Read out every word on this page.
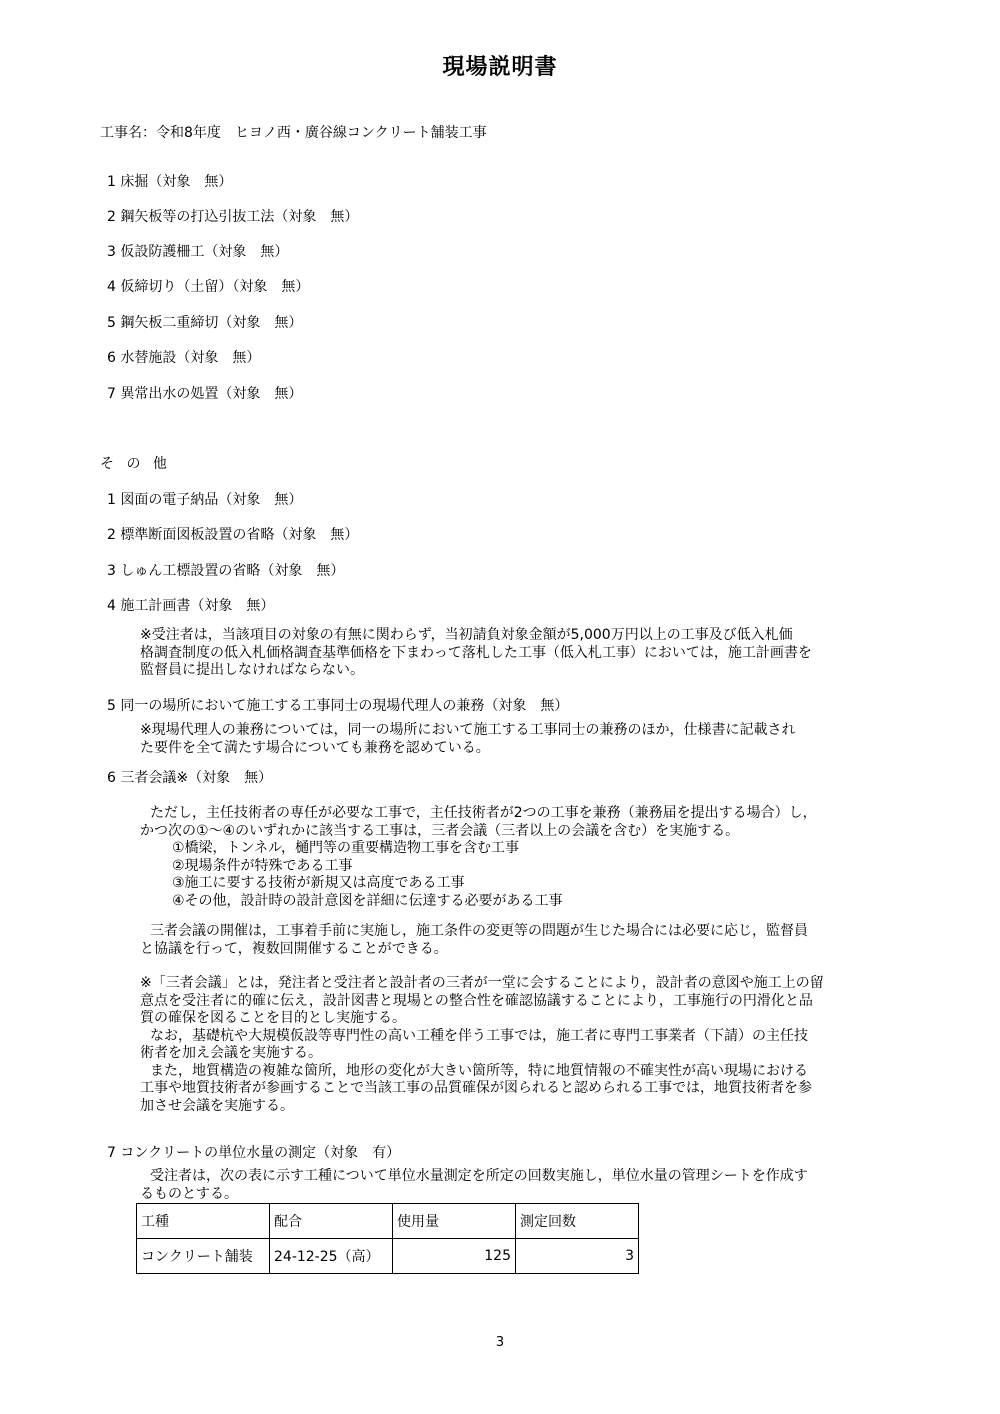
現場説明書
工事名：令和8年度　ヒヨノ西・廣谷線コンクリート舗装工事
1 床掘（対象　無）
2 鋼矢板等の打込引抜工法（対象　無）
3 仮設防護柵工（対象　無）
4 仮締切り（土留）（対象　無）
5 鋼矢板二重締切（対象　無）
6 水替施設（対象　無）
7 異常出水の処置（対象　無）
そ の 他
1 図面の電子納品（対象　無）
2 標準断面図板設置の省略（対象　無）
3 しゅん工標設置の省略（対象　無）
4 施工計画書（対象　無）
※受注者は，当該項目の対象の有無に関わらず，当初請負対象金額が5,000万円以上の工事及び低入札価
格調査制度の低入札価格調査基準価格を下まわって落札した工事（低入札工事）においては，施工計画書を
監督員に提出しなければならない。
5 同一の場所において施工する工事同士の現場代理人の兼務（対象　無）
※現場代理人の兼務については，同一の場所において施工する工事同士の兼務のほか，仕様書に記載され
た要件を全て満たす場合についても兼務を認めている。
6 三者会議※（対象　無）
ただし，主任技術者の専任が必要な工事で，主任技術者が2つの工事を兼務（兼務届を提出する場合）し，
かつ次の①～④のいずれかに該当する工事は，三者会議（三者以上の会議を含む）を実施する。
①橋梁，トンネル，樋門等の重要構造物工事を含む工事
②現場条件が特殊である工事
③施工に要する技術が新規又は高度である工事
④その他，設計時の設計意図を詳細に伝達する必要がある工事
三者会議の開催は，工事着手前に実施し，施工条件の変更等の問題が生じた場合には必要に応じ，監督員
と協議を行って，複数回開催することができる。
※「三者会議」とは，発注者と受注者と設計者の三者が一堂に会することにより，設計者の意図や施工上の留
意点を受注者に的確に伝え，設計図書と現場との整合性を確認協議することにより，工事施行の円滑化と品
質の確保を図ることを目的とし実施する。
なお，基礎杭や大規模仮設等専門性の高い工種を伴う工事では，施工者に専門工事業者（下請）の主任技
術者を加え会議を実施する。
また，地質構造の複雑な箇所，地形の変化が大きい箇所等，特に地質情報の不確実性が高い現場における
工事や地質技術者が参画することで当該工事の品質確保が図られると認められる工事では，地質技術者を参
加させ会議を実施する。
7 コンクリートの単位水量の測定（対象　有）
受注者は，次の表に示す工種について単位水量測定を所定の回数実施し，単位水量の管理シートを作成す
るものとする。
工種	配合	使用量	測定回数
コンクリート舗装	24-12-25（高）	125	3
3
